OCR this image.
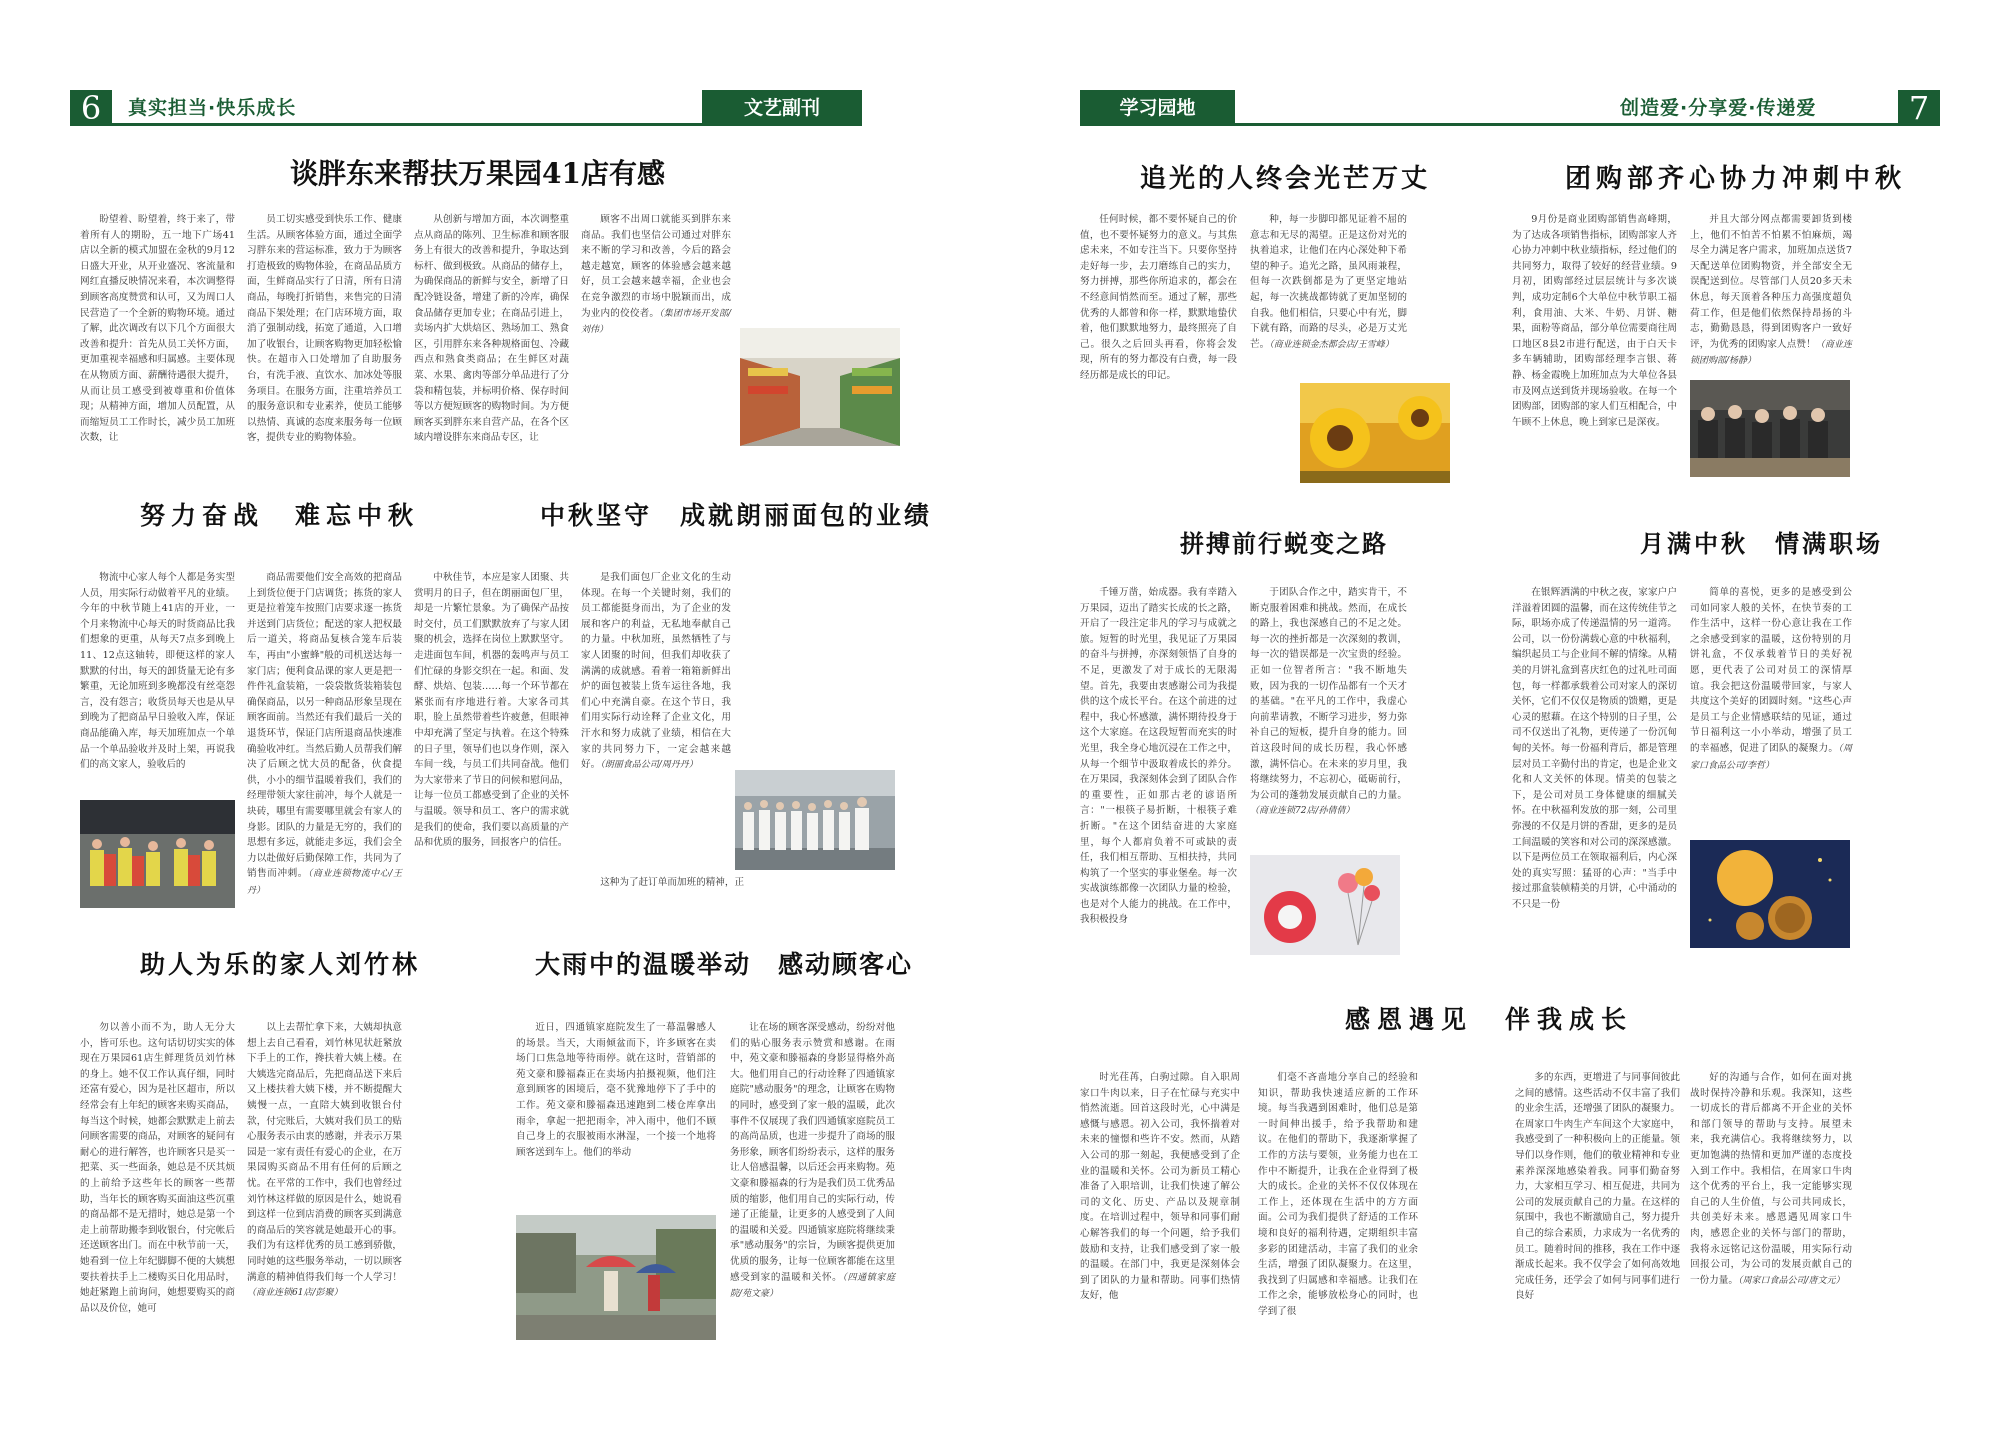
6	真实担当·快乐成长	文艺副刊
谈胖东来帮扶万果园41店有感

盼望着、盼望着，终于来了，带着所有人的期盼，五一地下广场41店以全新的模式加盟在金秋的9月12日盛大开业，从开业盛况、客流量和网红直播反映情况来看，本次调整得到顾客高度赞赏和认可，又为周口人民营造了一个全新的购物环境。通过了解，此次调改有以下几个方面很大改善和提升：首先从员工关怀方面，更加重视幸福感和归属感。主要体现在从物质方面、薪酬待遇很大提升，从而让员工感受到被尊重和价值体现；从精神方面，增加人员配置，从而缩短员工工作时长，减少员工加班次数，让

员工切实感受到快乐工作、健康生活。从顾客体验方面，通过全面学习胖东来的营运标准，致力于为顾客打造极致的购物体验，在商品品质方面，生鲜商品实行了日清，所有日清商品，每晚打折销售，来售完的日清商品下架处理；在门店环境方面，取消了强制动线，拓宽了通道，入口增加了收银台，让顾客购物更加轻松愉快。在超市入口处增加了自助服务台，有洗手液、直饮水、加冰处等服务项目。在服务方面，注重培养员工的服务意识和专业素养，使员工能够以热情、真诚的态度来服务每一位顾客，提供专业的购物体验。

从创新与增加方面，本次调整重点从商品的陈列、卫生标准和顾客服务上有很大的改善和提升，争取达到标杆、做到极致。从商品的储存上，为确保商品的新鲜与安全，新增了日配冷链设备，增建了新的冷库，确保食品储存更加专业；在商品引进上，卖场内扩大烘焙区、熟场加工、熟食区，引用胖东来各种规格面包、冷藏西点和熟食类商品；在生鲜区对蔬菜、水果、禽肉等部分单品进行了分袋和精包装，并标明价格、保存时间等以方便短顾客的购物时间。为方便顾客买到胖东来自营产品，在各个区域内增设胖东来商品专区，让

顾客不出周口就能买到胖东来商品。我们也坚信公司通过对胖东来不断的学习和改善，今后的路会越走越宽，顾客的体验感会越来越好，员工会越来越幸福，企业也会在竞争激烈的市场中脱颖而出，成为业内的佼佼者。（集团市场开发部/刘伟）

努力奋战　难忘中秋

物流中心家人每个人都是务实型人员，用实际行动做着平凡的业绩。今年的中秋节随上41店的开业，一个月来物流中心每天的时货商品比我们想象的更重，从每天7点多到晚上11、12点这轴转，即便这样的家人默默的付出，每天的卸货量无论有多繁重，无论加班到多晚都没有丝毫怨言，没有怨言；收货员每天也是从早到晚为了把商品早日验收入库，保证商品能确入库，每天加班加点一个单品一个单品验收并及时上架，再说我们的高文家人，验收后的

商品需要他们安全高效的把商品上到货位便于门店调货；拣货的家人更是拉着笼车按照门店要求逐一拣货并送到门店货位；配送的家人把权最后一道关，将商品复核合笼车后装车，再由"小蜜蜂"般的司机送达每一家门店；便利食品课的家人更是把一件件礼盒装箱，一袋袋散货装箱装包确保商品，以另一种商品形象呈现在顾客面前。当然还有我们最后一关的退货环节，保证门店所退商品快速准确验收冲红。当然后勤人员帮我们解决了后顾之忧大员的配备，伙食提供，小小的细节温暖着我们，我们的经理带领大家往前冲，每个人就是一块砖，哪里有需要哪里就会有家人的身影。团队的力量是无穷的，我们的思想有多远，就能走多远，我们会全力以赴做好后勤保障工作，共同为了销售而冲刺。（商业连锁物流中心/王丹）

中秋坚守　成就朗丽面包的业绩

中秋佳节，本应是家人团聚、共赏明月的日子，但在朗丽面包厂里，却是一片繁忙景象。为了确保产品按时交付，员工们默默放弃了与家人团聚的机会，选择在岗位上默默坚守。走进面包车间，机器的轰鸣声与员工们忙碌的身影交织在一起。和面、发酵、烘焙、包装……每一个环节都在紧张而有序地进行着。大家各司其职，脸上虽然带着些许疲惫，但眼神中却充满了坚定与执着。在这个特殊的日子里，领导们也以身作则，深入车间一线，与员工们共同奋战。他们为大家带来了节日的问候和慰问品，让每一位员工都感受到了企业的关怀与温暖。领导和员工、客户的需求就是我们的使命，我们要以高质量的产品和优质的服务，回报客户的信任。

是我们面包厂企业文化的生动体现。在每一个关键时刻，我们的员工都能挺身而出，为了企业的发展和客户的利益，无私地奉献自己的力量。中秋加班，虽然牺牲了与家人团聚的时间，但我们却收获了满满的成就感。看着一箱箱新鲜出炉的面包被装上货车运往各地，我们心中充满自豪。在这个节日，我们用实际行动诠释了企业文化，用汗水和努力成就了业绩，相信在大家的共同努力下，一定会越来越好。（朗丽食品公司/周丹丹）

这种为了赶订单而加班的精神，正

助人为乐的家人刘竹林

勿以善小而不为，助人无分大小，皆可乐也。这句话切切实实的体现在万果园61店生鲜理货员刘竹林的身上。她不仅工作认真仔细，同时还富有爱心，因为是社区超市，所以经常会有上年纪的顾客来购买商品，每当这个时候，她都会默默走上前去问顾客需要的商品，对顾客的疑问有耐心的进行解答，也许顾客只是买一把菜、买一些面条，她总是不厌其烦的上前给予这些年长的顾客一些帮助，当年长的顾客购买面油这些沉重的商品都不是无措时，她总是第一个走上前帮助搬李到收银台，付完帐后还送顾客出门。而在中秋节前一天，她看到一位上年纪脚脚不便的大姨想要扶着扶手上二楼购买日化用品时，她赶紧跑上前询问，她想要购买的商品以及价位，她可

以上去帮忙拿下来，大姨却执意想上去自己看看，刘竹林见状赶紧放下手上的工作，搀扶着大姨上楼。在大姨选完商品后，先把商品送下来后又上楼扶着大姨下楼，并不断提醒大姨慢一点，一直陪大姨到收银台付款，付完账后，大姨对我们员工的贴心服务表示由衷的感谢，并表示万果园是一家有责任有爱心的企业，在万果园购买商品不用有任何的后顾之忧。在平常的工作中，我们也曾经过刘竹林这样做的原因是什么，她说看到这样一位到店消费的顾客买到满意的商品后的笑容就是她最开心的事。我们为有这样优秀的员工感到骄傲，同时她的这些服务举动，一切以顾客满意的精神值得我们每一个人学习！（商业连锁61店/彭聚）

大雨中的温暖举动　感动顾客心

近日，四通镇家庭院发生了一幕温馨感人的场景。当天，大雨倾盆而下，许多顾客在卖场门口焦急地等待雨停。就在这时，营销部的苑文豪和滕福森正在卖场内拍摄视频，他们注意到顾客的困境后，毫不犹豫地停下了手中的工作。苑文豪和滕福森迅速跑到二楼仓库拿出雨伞，拿起一把把雨伞，冲入雨中，他们不顾自己身上的衣服被雨水淋湿，一个接一个地将顾客送到车上。他们的举动

让在场的顾客深受感动，纷纷对他们的贴心服务表示赞赏和感谢。在雨中，苑文豪和滕福森的身影显得格外高大。他们用自己的行动诠释了四通镇家庭院"感动服务"的理念，让顾客在购物的同时，感受到了家一般的温暖，此次事件不仅展现了我们四通镇家庭院员工的高尚品质，也进一步提升了商场的服务形象，顾客们纷纷表示，这样的服务让人倍感温馨，以后还会再来购物。苑文豪和滕福森的行为是我们员工优秀品质的缩影，他们用自己的实际行动，传递了正能量，让更多的人感受到了人间的温暖和关爱。四通镇家庭院将继续秉承"感动服务"的宗旨，为顾客提供更加优质的服务，让每一位顾客都能在这里感受到家的温暖和关怀。（四通镇家庭院/苑文豪）

学习园地	创造爱·分享爱·传递爱	7
追光的人终会光芒万丈

任何时候，都不要怀疑自己的价值，也不要怀疑努力的意义。与其焦虑未来，不如专注当下。只要你坚持走好每一步，去刀磨练自己的实力，努力拼搏，那些你所追求的，都会在不经意间悄然而至。通过了解，那些优秀的人都曾和你一样，默默地蛰伏着，他们默默地努力，最终照亮了自己。很久之后回头再看，你将会发现，所有的努力都没有白费，每一段经历都是成长的印记。

种，每一步脚印都见证着不屈的意志和无尽的渴望。正是这份对光的执着追求，让他们在内心深处种下希望的种子。追光之路，虽风雨兼程，但每一次跌倒都是为了更坚定地站起，每一次挑战都铸就了更加坚韧的自我。他们相信，只要心中有光，脚下就有路，而路的尽头，必是万丈光芒。（商业连锁金杰都会店/王雪峰）

团购部齐心协力冲刺中秋

9月份是商业团购部销售高峰期，为了达成各项销售指标，团购部家人齐心协力冲刺中秋业绩指标，经过他们的共同努力，取得了较好的经营业绩。9月初，团购部经过层层统计与多次谈判，成功定制6个大单位中秋节职工福利，食用油、大米、牛奶、月饼、糖果，面粉等商品，部分单位需要商往周口地区8县2市进行配送，由于白天卡多车辆辅助，团购部经理李言银、蒋静、杨金霞晚上加班加点为大单位各县市及网点送到货并现场验收。在每一个团购部，团购部的家人们互相配合，中午顾不上休息，晚上到家已是深夜。

并且大部分网点都需要卸货到楼上，他们不怕苦不怕累不怕麻烦，竭尽全力满足客户需求，加班加点送货7天配送单位团购物资，并全部安全无误配送到位。尽管部门人员20多天未休息，每天顶着各种压力高强度超负荷工作，但是他们依然保持昂扬的斗志，勤勤恳恳，得到团购客户一致好评，为优秀的团购家人点赞！（商业连锁团购部/杨静）

拼搏前行蜕变之路

千锤万凿，始成器。我有幸踏入万果园，迈出了踏实长成的长之路，开启了一段注定非凡的学习与成就之旅。短暂的时光里，我见证了万果园的奋斗与拼搏，亦深刻领悟了自身的不足，更激发了对于成长的无限渴望。首先，我要由衷感谢公司为我提供的这个成长平台。在这个前进的过程中，我心怀感激，满怀期待投身于这个大家庭。在这段短暂而充实的时光里，我全身心地沉浸在工作之中，从每一个细节中汲取着成长的养分。在万果园，我深刻体会到了团队合作的重要性，正如那古老的谚语所言："一根筷子易折断，十根筷子难折断。"在这个团结奋进的大家庭里，每个人都肩负着不可或缺的责任，我们相互帮助、互相扶持，共同构筑了一个坚实的事业堡垒。每一次实战演练都像一次团队力量的检验，也是对个人能力的挑战。在工作中，我积极投身

于团队合作之中，踏实肯干，不断克服着困难和挑战。然而，在成长的路上，我也深感自己的不足之处。每一次的挫折都是一次深刻的教训，每一次的错误都是一次宝贵的经验。正如一位智者所言："我不断地失败，因为我的一切作品都有一个天才的基础。"在平凡的工作中，我虚心向前辈请教，不断学习进步，努力弥补自己的短板，提升自身的能力。回首这段时间的成长历程，我心怀感激，满怀信心。在未来的岁月里，我将继续努力，不忘初心，砥砺前行，为公司的蓬勃发展贡献自己的力量。（商业连锁72店/孙倩倩）

月满中秋　情满职场

在银辉洒满的中秋之夜，家家户户洋溢着团圆的温馨，而在这传统佳节之际，职场亦成了传递温情的另一道湾。公司，以一份份满载心意的中秋福利，编织起员工与企业间不解的情缘。从精美的月饼礼盒到喜庆红色的过礼吐司面包，每一样都承载着公司对家人的深切关怀，它们不仅仅是物质的馈赠，更是心灵的慰藉。在这个特别的日子里，公司不仅送出了礼物，更传递了一份沉甸甸的关怀。每一份福利背后，都是管理层对员工辛勤付出的肯定，也是企业文化和人文关怀的体现。情美的包装之下，是公司对员工身体健康的细腻关怀。在中秋福利发放的那一刻，公司里弥漫的不仅是月饼的香甜，更多的是员工间温暖的笑容和对公司的深深感激。以下是两位员工在领取福利后，内心深处的真实写照：猛哥的心声："当手中接过那盒装帧精美的月饼，心中涌动的不只是一份

简单的喜悦，更多的是感受到公司如同家人般的关怀，在快节奏的工作生活中，这样一份心意让我在工作之余感受到家的温暖，这份特别的月饼礼盒，不仅承载着节日的美好祝愿，更代表了公司对员工的深情厚谊。我会把这份温暖带回家，与家人共度这个美好的团圆时刻。"这些心声是员工与企业情感联结的见证，通过节日福利这一小小举动，增强了员工的幸福感，促进了团队的凝聚力。（周家口食品公司/李哲）

感恩遇见　伴我成长

时光荏苒，白驹过隙。自入职周家口牛肉以来，日子在忙碌与充实中悄然流逝。回首这段时光，心中满是感慨与感恩。初入公司，我怀揣着对未来的憧憬和些许不安。然而，从踏入公司的那一刻起，我便感受到了企业的温暖和关怀。公司为新员工精心准备了入职培训，让我们快速了解公司的文化、历史、产品以及规章制度。在培训过程中，领导和同事们耐心解答我们的每一个问题，给予我们鼓励和支持，让我们感受到了家一般的温暖。在部门中，我更是深刻体会到了团队的力量和帮助。同事们热情友好，他

们毫不吝啬地分享自己的经验和知识，帮助我快速适应新的工作环境。每当我遇到困难时，他们总是第一时间伸出援手，给予我帮助和建议。在他们的帮助下，我逐渐掌握了工作的方法与要领，业务能力也在工作中不断提升，让我在企业得到了极大的成长。企业的关怀不仅仅体现在工作上，还体现在生活中的方方面面。公司为我们提供了舒适的工作环境和良好的福利待遇，定期组织丰富多彩的团建活动，丰富了我们的业余生活，增强了团队凝聚力。在这里，我找到了归属感和幸福感。让我们在工作之余，能够放松身心的同时，也学到了很

多的东西，更增进了与同事间彼此之间的感情。这些活动不仅丰富了我们的业余生活，还增强了团队的凝聚力。在周家口牛肉生产车间这个大家庭中，我感受到了一种积极向上的正能量。领导们以身作则，他们的敬业精神和专业素养深深地感染着我。同事们勤奋努力，大家相互学习、相互促进，共同为公司的发展贡献自己的力量。在这样的氛围中，我也不断激励自己，努力提升自己的综合素质，力求成为一名优秀的员工。随着时间的推移，我在工作中逐渐成长起来。我不仅学会了如何高效地完成任务，还学会了如何与同事们进行良好

好的沟通与合作，如何在面对挑战时保持冷静和乐观。我深知，这些一切成长的背后都离不开企业的关怀和部门领导的帮助与支持。展望未来，我充满信心。我将继续努力，以更加饱满的热情和更加严谨的态度投入到工作中。我相信，在周家口牛肉这个优秀的平台上，我一定能够实现自己的人生价值，与公司共同成长，共创美好未来。感恩遇见周家口牛肉，感恩企业的关怀与部门的帮助，我将永远铭记这份温暖，用实际行动回报公司，为公司的发展贡献自己的一份力量。（周家口食品公司/唐文元）
